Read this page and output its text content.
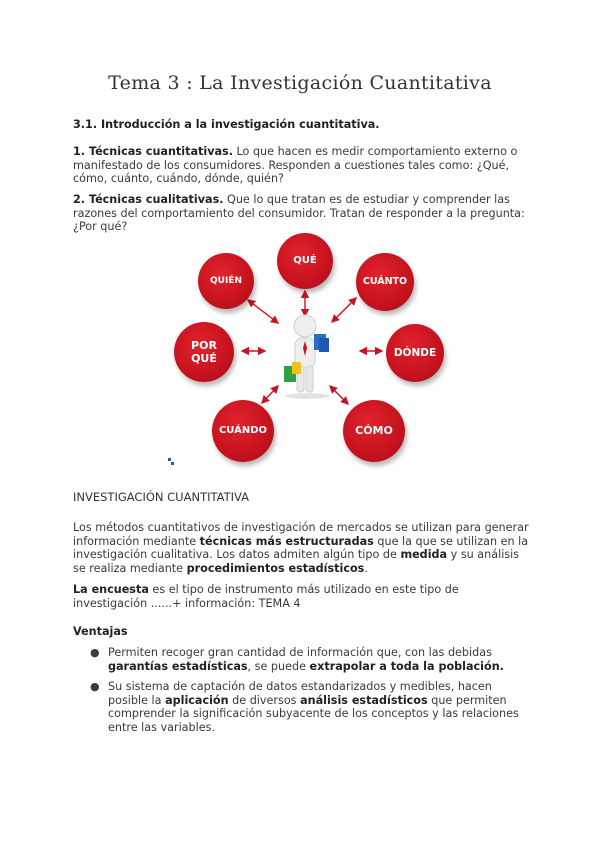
Tema 3 : La Investigación Cuantitativa
3.1. Introducción a la investigación cuantitativa.
1. Técnicas cuantitativas. Lo que hacen es medir comportamiento externo o manifestado de los consumidores. Responden a cuestiones tales como: ¿Qué, cómo, cuánto, cuándo, dónde, quién?
2. Técnicas cualitativas. Que lo que tratan es de estudiar y comprender las razones del comportamiento del consumidor. Tratan de responder a la pregunta: ¿Por qué?
QUÉ
QUIÉN	CUÁNTO
POR
QUÉ	DÓNDE
CUÁNDO	CÓMO
INVESTIGACIÓN CUANTITATIVA
Los métodos cuantitativos de investigación de mercados se utilizan para generar información mediante técnicas más estructuradas que la que se utilizan en la investigación cualitativa. Los datos admiten algún tipo de medida y su análisis se realiza mediante procedimientos estadísticos.
La encuesta es el tipo de instrumento más utilizado en este tipo de investigación ......+ información: TEMA 4
Ventajas
● Permiten recoger gran cantidad de información que, con las debidas garantías estadísticas, se puede extrapolar a toda la población.
● Su sistema de captación de datos estandarizados y medibles, hacen posible la aplicación de diversos análisis estadísticos que permiten comprender la significación subyacente de los conceptos y las relaciones entre las variables.
